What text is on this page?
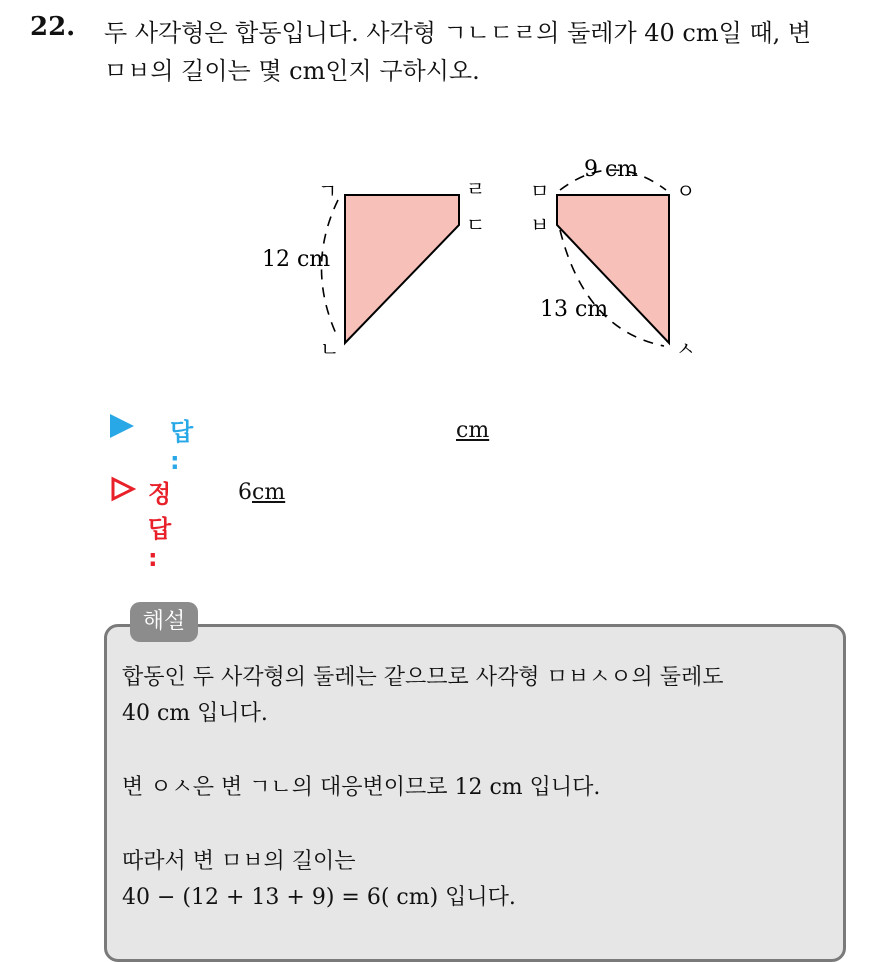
22. 두 사각형은 합동입니다. 사각형 ㄱㄴㄷㄹ의 둘레가 40 cm일 때, 변

ㅁㅂ의 길이는 몇 cm인지 구하시오.

ㄱ	ㄹ
ㄷ
ㄴ
12 cm
ㅁ	ㅇ
ㅂ
ㅅ
9 cm
13 cm
답 :
cm
정답 :
6cm
해설

합동인 두 사각형의 둘레는 같으므로 사각형 ㅁㅂㅅㅇ의 둘레도

40 cm 입니다.

변 ㅇㅅ은 변 ㄱㄴ의 대응변이므로 12 cm 입니다.

따라서 변 ㅁㅂ의 길이는

40 − (12 + 13 + 9) = 6( cm) 입니다.
